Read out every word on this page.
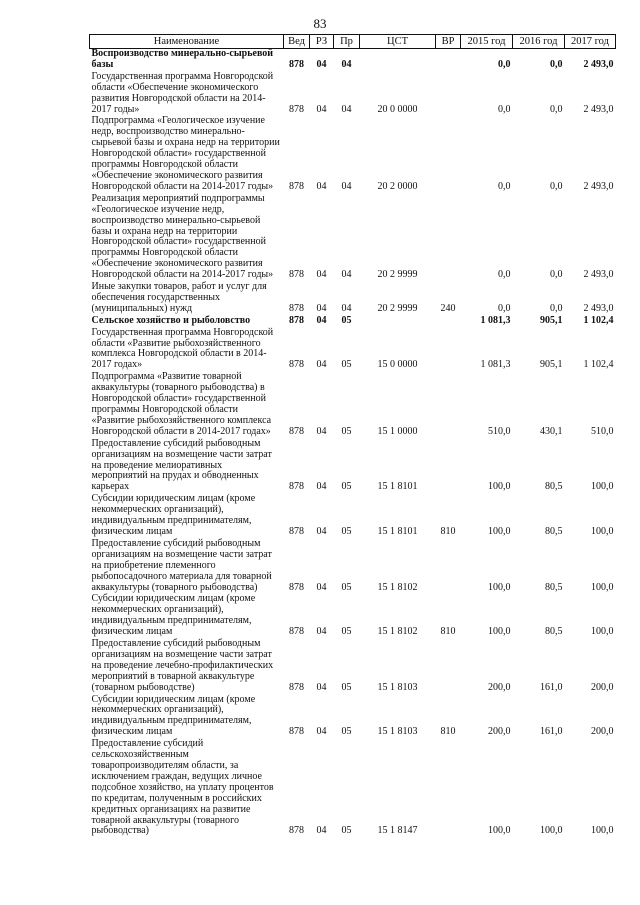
83
Наименование	Вед	РЗ	Пр	ЦСТ	ВР	2015 год	2016 год	2017 год
Воспроизводство минерально-сырьевой базы	878	04	04			0,0	0,0	2 493,0
Государственная программа Новгородской области «Обеспечение экономического развития Новгородской области на 2014-2017 годы»	878	04	04	20 0 0000		0,0	0,0	2 493,0
Подпрограмма «Геологическое изучение недр, воспроизводство минерально-сырьевой базы и охрана недр на территории Новгородской области» государственной программы Новгородской области «Обеспечение экономического развития Новгородской области на 2014-2017 годы»	878	04	04	20 2 0000		0,0	0,0	2 493,0
Реализация мероприятий подпрограммы «Геологическое изучение недр, воспроизводство минерально-сырьевой базы и охрана недр на территории Новгородской области» государственной программы Новгородской области «Обеспечение экономического развития Новгородской области на 2014-2017 годы»	878	04	04	20 2 9999		0,0	0,0	2 493,0
Иные закупки товаров, работ и услуг для обеспечения государственных (муниципальных) нужд	878	04	04	20 2 9999	240	0,0	0,0	2 493,0
Сельское хозяйство и рыболовство	878	04	05			1 081,3	905,1	1 102,4
Государственная программа Новгородской области «Развитие рыбохозяйственного комплекса Новгородской области в 2014-2017 годах»	878	04	05	15 0 0000		1 081,3	905,1	1 102,4
Подпрограмма «Развитие товарной аквакультуры (товарного рыбоводства) в Новгородской области» государственной программы Новгородской области «Развитие рыбохозяйственного комплекса Новгородской области в 2014-2017 годах»	878	04	05	15 1 0000		510,0	430,1	510,0
Предоставление субсидий рыбоводным организациям на возмещение части затрат на проведение мелиоративных мероприятий на прудах и обводненных карьерах	878	04	05	15 1 8101		100,0	80,5	100,0
Субсидии юридическим лицам (кроме некоммерческих организаций), индивидуальным предпринимателям, физическим лицам	878	04	05	15 1 8101	810	100,0	80,5	100,0
Предоставление субсидий рыбоводным организациям на возмещение части затрат на приобретение племенного рыбопосадочного материала для товарной аквакультуры (товарного рыбоводства)	878	04	05	15 1 8102		100,0	80,5	100,0
Субсидии юридическим лицам (кроме некоммерческих организаций), индивидуальным предпринимателям, физическим лицам	878	04	05	15 1 8102	810	100,0	80,5	100,0
Предоставление субсидий рыбоводным организациям на возмещение части затрат на проведение лечебно-профилактических мероприятий в товарной аквакультуре (товарном рыбоводстве)	878	04	05	15 1 8103		200,0	161,0	200,0
Субсидии юридическим лицам (кроме некоммерческих организаций), индивидуальным предпринимателям, физическим лицам	878	04	05	15 1 8103	810	200,0	161,0	200,0
Предоставление субсидий сельскохозяйственным товаропроизводителям области, за исключением граждан, ведущих личное подсобное хозяйство, на уплату процентов по кредитам, полученным в российских кредитных организациях на развитие товарной аквакультуры (товарного рыбоводства)	878	04	05	15 1 8147		100,0	100,0	100,0
